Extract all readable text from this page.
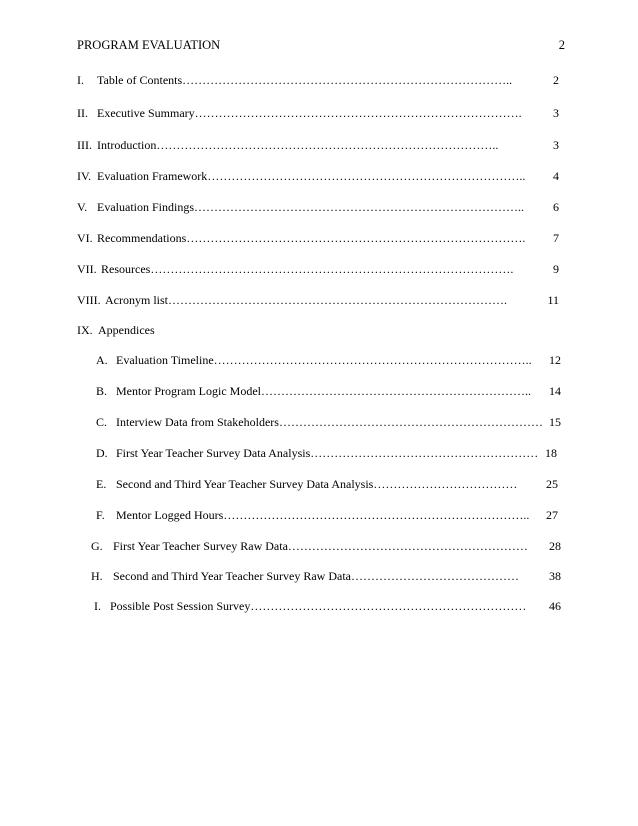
PROGRAM EVALUATION	2
I.	Table of Contents ………………………………………………………………………..	2
II. Executive Summary ……………………………………………………………………….	3
III. Introduction …………………………………………………………………………..	3
IV. Evaluation Framework ……………………………………………………………………..	4
V. Evaluation Findings ………………………………………………………………………..	6
VI. Recommendations ………………………………………………………………………….	7
VII. Resources ……………………………………………………………………………….	9
VIII. Acronym list ………………………………………………………………………….	11
IX. Appendices
A. Evaluation Timeline ……………………………………………………………………..	12
B. Mentor Program Logic Model …………………………………………………………..	14
C. Interview Data from Stakeholders ………………………………………………………… 15
D. First Year Teacher Survey Data Analysis ………………………………………………… 18
E. Second and Third Year Teacher Survey Data Analysis ………………………………	25
F. Mentor Logged Hours …………………………………………………………………..	27
G. First Year Teacher Survey Raw Data ……………………………………………………	28
H. Second and Third Year Teacher Survey Raw Data ……………………………………	38
I. Possible Post Session Survey ……………………………………………………………	46
